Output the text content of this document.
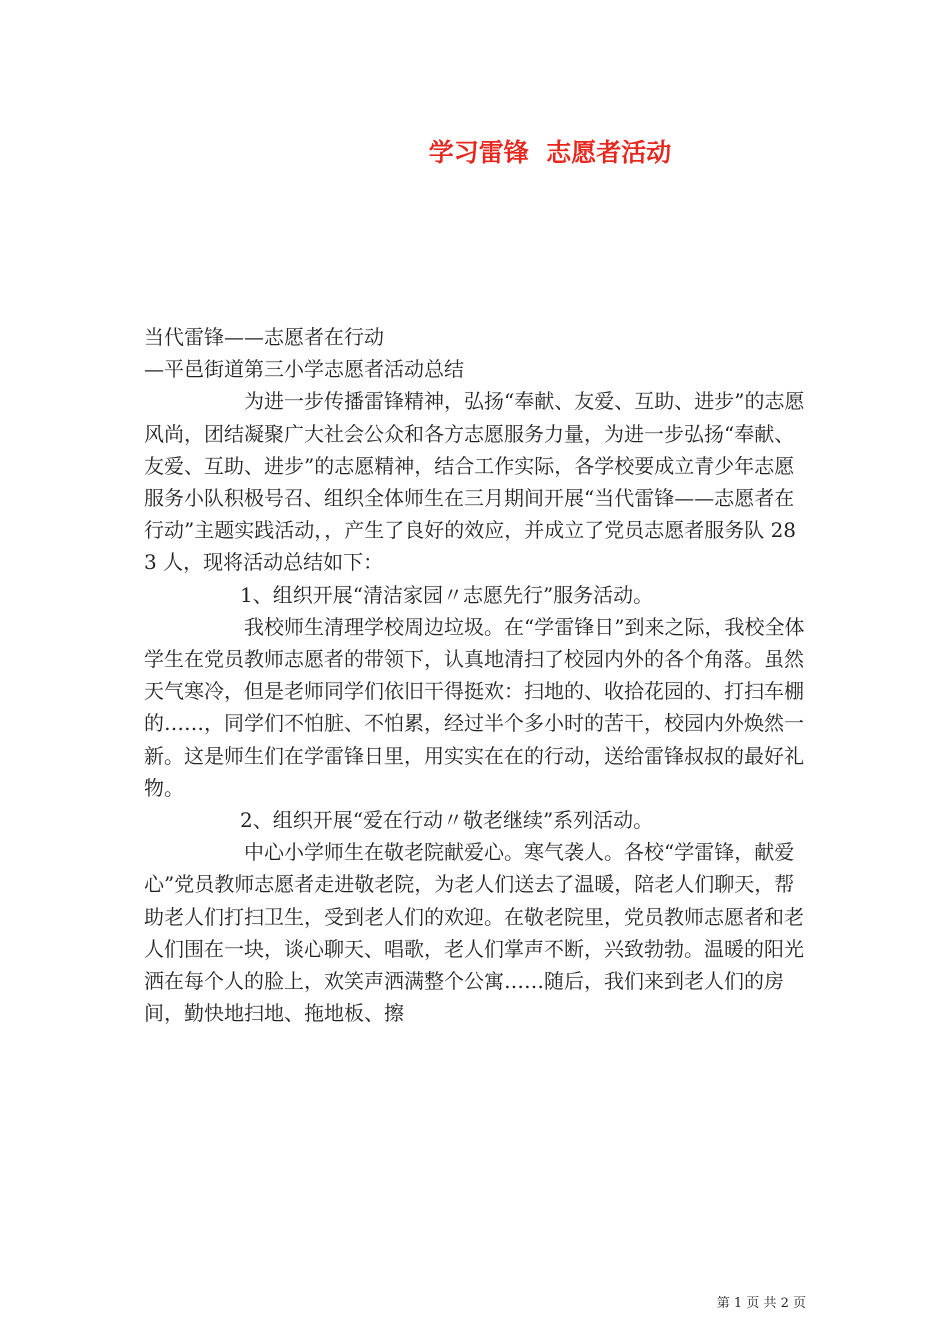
学习雷锋  志愿者活动

当代雷锋——志愿者在行动

—平邑街道第三小学志愿者活动总结

为进一步传播雷锋精神，弘扬“奉献、友爱、互助、进步”的志愿风尚，团结凝聚广大社会公众和各方志愿服务力量，为进一步弘扬“奉献、友爱、互助、进步”的志愿精神，结合工作实际，各学校要成立青少年志愿服务小队积极号召、组织全体师生在三月期间开展“当代雷锋——志愿者在行动”主题实践活动，，产生了良好的效应，并成立了党员志愿者服务队 283 人，现将活动总结如下：

1、组织开展“清洁家园〃志愿先行”服务活动。

我校师生清理学校周边垃圾。在“学雷锋日”到来之际，我校全体学生在党员教师志愿者的带领下，认真地清扫了校园内外的各个角落。虽然天气寒冷，但是老师同学们依旧干得挺欢：扫地的、收拾花园的、打扫车棚的……，同学们不怕脏、不怕累，经过半个多小时的苦干，校园内外焕然一新。这是师生们在学雷锋日里，用实实在在的行动，送给雷锋叔叔的最好礼物。

2、组织开展“爱在行动〃敬老继续”系列活动。

中心小学师生在敬老院献爱心。寒气袭人。各校“学雷锋，献爱心”党员教师志愿者走进敬老院，为老人们送去了温暖，陪老人们聊天，帮助老人们打扫卫生，受到老人们的欢迎。在敬老院里，党员教师志愿者和老人们围在一块，谈心聊天、唱歌，老人们掌声不断，兴致勃勃。温暖的阳光洒在每个人的脸上，欢笑声洒满整个公寓……随后，我们来到老人们的房间，勤快地扫地、拖地板、擦

第 1 页 共 2 页
